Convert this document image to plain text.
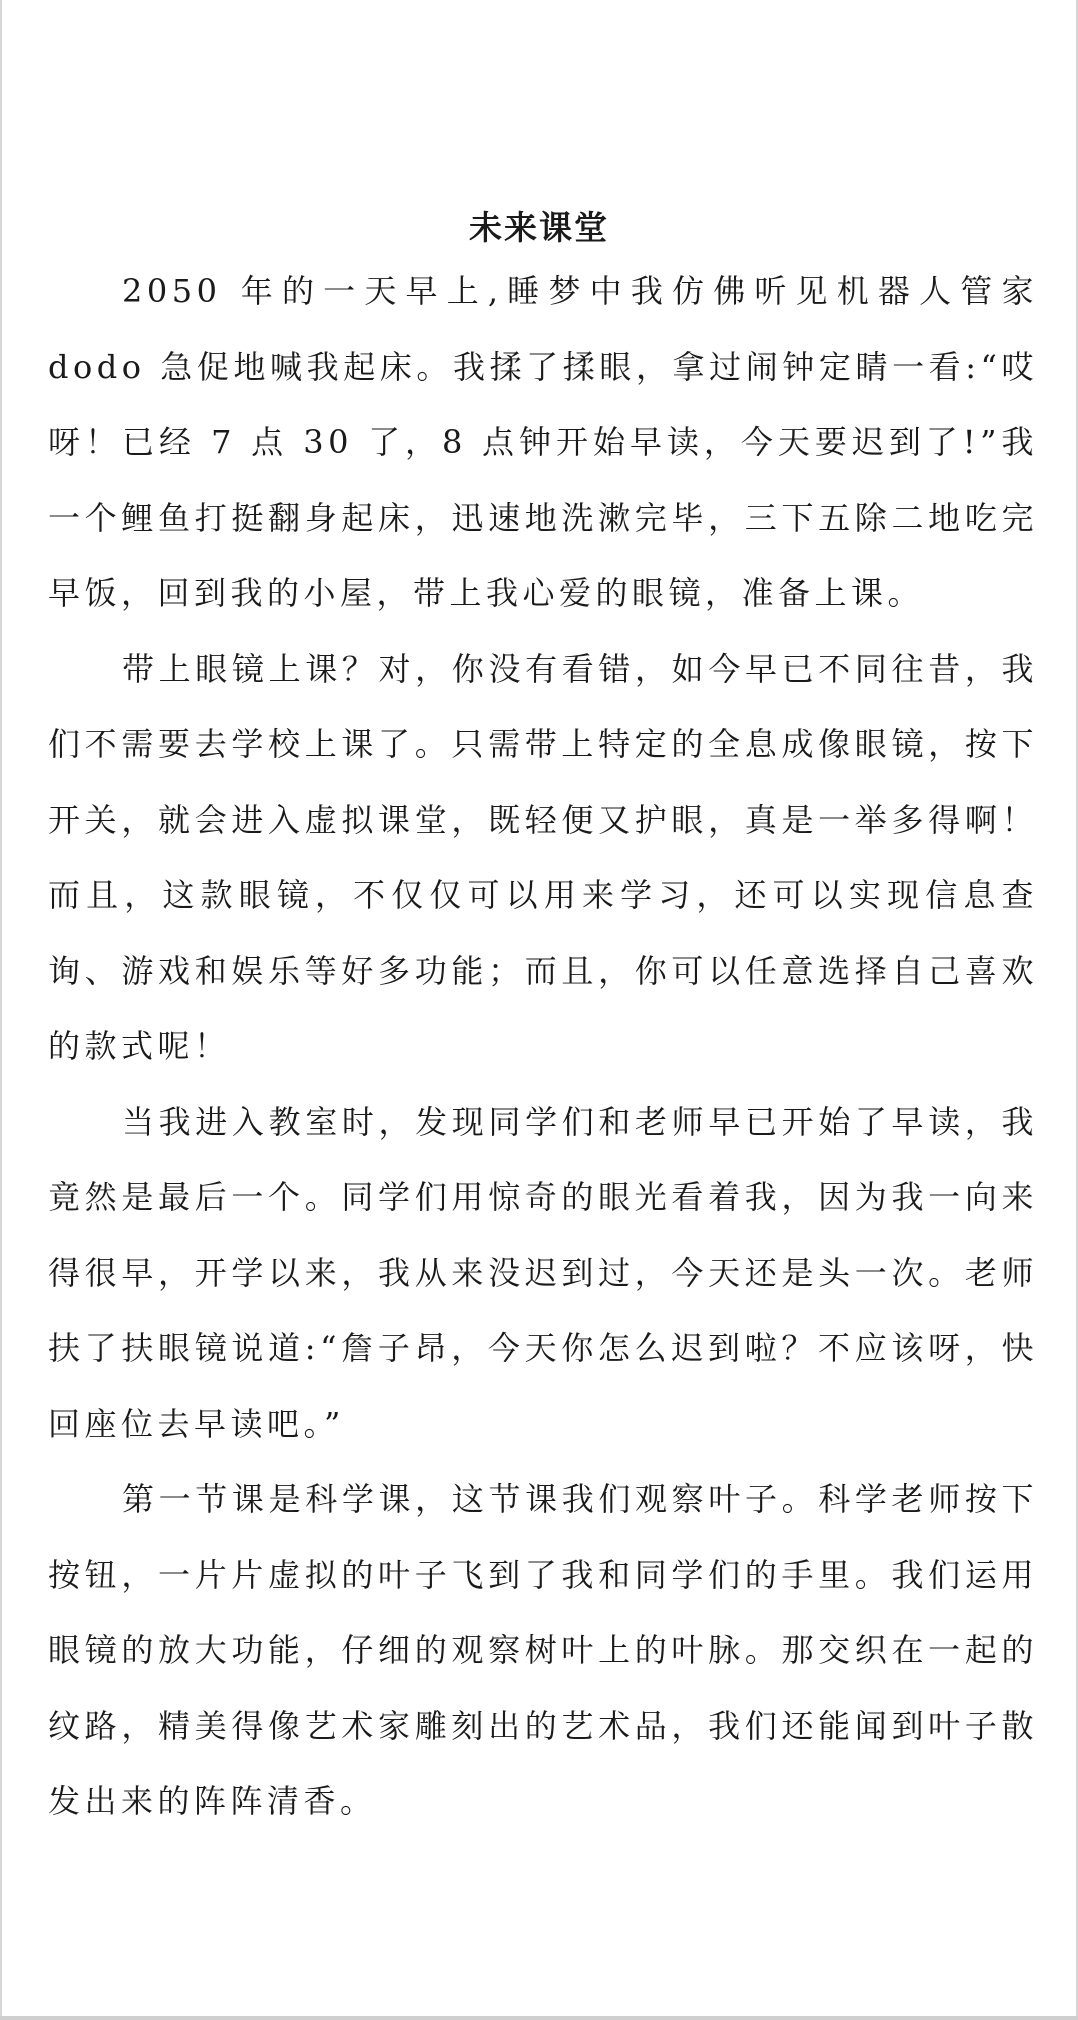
未来课堂

2050 年的一天早上,睡梦中我仿佛听见机器人管家 dodo 急促地喊我起床。我揉了揉眼，拿过闹钟定睛一看:“哎呀！已经 7 点 30 了，8 点钟开始早读，今天要迟到了!”我一个鲤鱼打挺翻身起床，迅速地洗漱完毕，三下五除二地吃完早饭，回到我的小屋，带上我心爱的眼镜，准备上课。

带上眼镜上课？对，你没有看错，如今早已不同往昔，我们不需要去学校上课了。只需带上特定的全息成像眼镜，按下开关，就会进入虚拟课堂，既轻便又护眼，真是一举多得啊！而且，这款眼镜，不仅仅可以用来学习，还可以实现信息查询、游戏和娱乐等好多功能；而且，你可以任意选择自己喜欢的款式呢！

当我进入教室时，发现同学们和老师早已开始了早读，我竟然是最后一个。同学们用惊奇的眼光看着我，因为我一向来得很早，开学以来，我从来没迟到过，今天还是头一次。老师扶了扶眼镜说道:“詹子昂，今天你怎么迟到啦？不应该呀，快回座位去早读吧。”

第一节课是科学课，这节课我们观察叶子。科学老师按下按钮，一片片虚拟的叶子飞到了我和同学们的手里。我们运用眼镜的放大功能，仔细的观察树叶上的叶脉。那交织在一起的纹路，精美得像艺术家雕刻出的艺术品，我们还能闻到叶子散发出来的阵阵清香。
